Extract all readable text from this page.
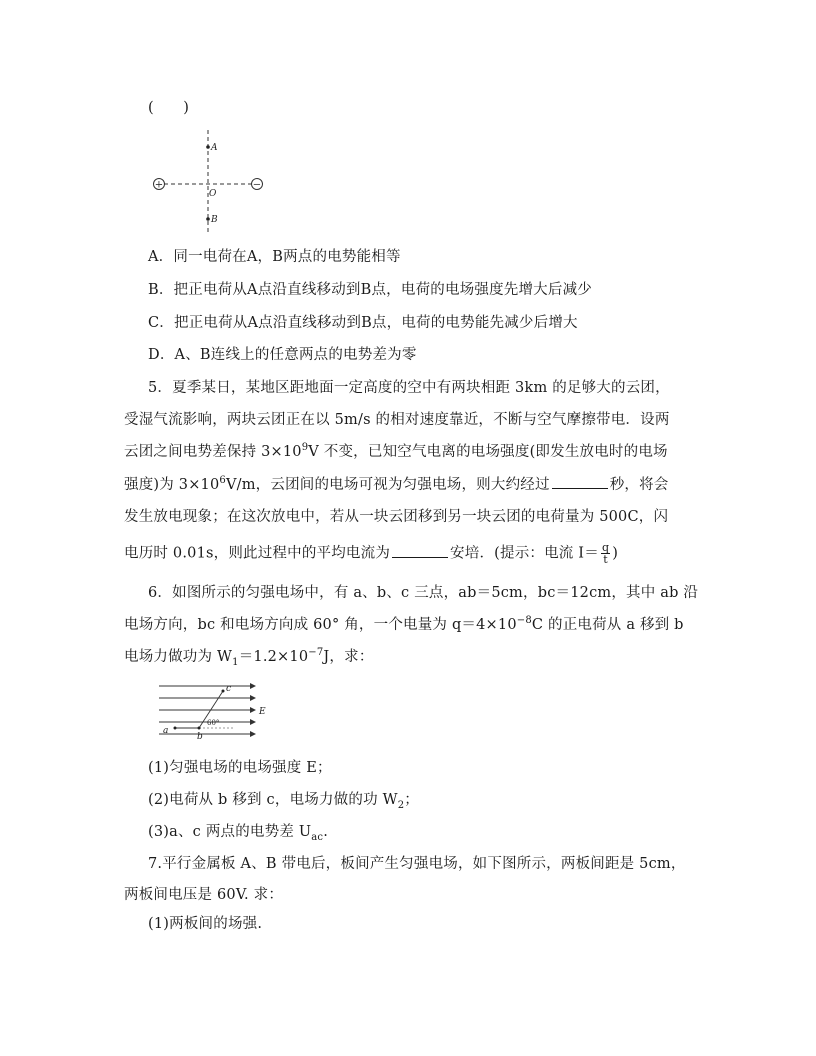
(　　)
+	−
A
O
B
A．同一电荷在A，B两点的电势能相等
B．把正电荷从A点沿直线移动到B点，电荷的电场强度先增大后减少
C．把正电荷从A点沿直线移动到B点，电荷的电势能先减少后增大
D．A、B连线上的任意两点的电势差为零
5．夏季某日，某地区距地面一定高度的空中有两块相距 3km 的足够大的云团，
受湿气流影响，两块云团正在以 5m/s 的相对速度靠近，不断与空气摩擦带电．设两
云团之间电势差保持 $3\times 10^9V$ 不变，已知空气电离的电场强度(即发生放电时的电场
强度)为 $3\times 10^6V/m$，云团间的电场可视为匀强电场，则大约经过	秒，将会
发生放电现象；在这次放电中，若从一块云团移到另一块云团的电荷量为 500C，闪
电历时 0.01s，则此过程中的平均电流为	安培．(提示：电流 $I= \frac{q}{t}$ )
6．如图所示的匀强电场中，有 a、b、c 三点，ab＝5cm，bc＝12cm，其中 ab 沿
电场方向，bc 和电场方向成 60° 角，一个电量为 $q=4\times 10^{-8}C$ 的正电荷从 a 移到 b
电场力做功为 $W_1=1.2\times 10^{-7}J$，求：
a
b
c
60°
E
(1)匀强电场的电场强度 E；
(2)电荷从 b 移到 c，电场力做的功 $W_2$；
(3)a、c 两点的电势差 $U_{ac}$.
7.平行金属板 A、B 带电后，板间产生匀强电场，如下图所示，两板间距是 5cm，
两板间电压是 60V. 求：
(1)两板间的场强.
